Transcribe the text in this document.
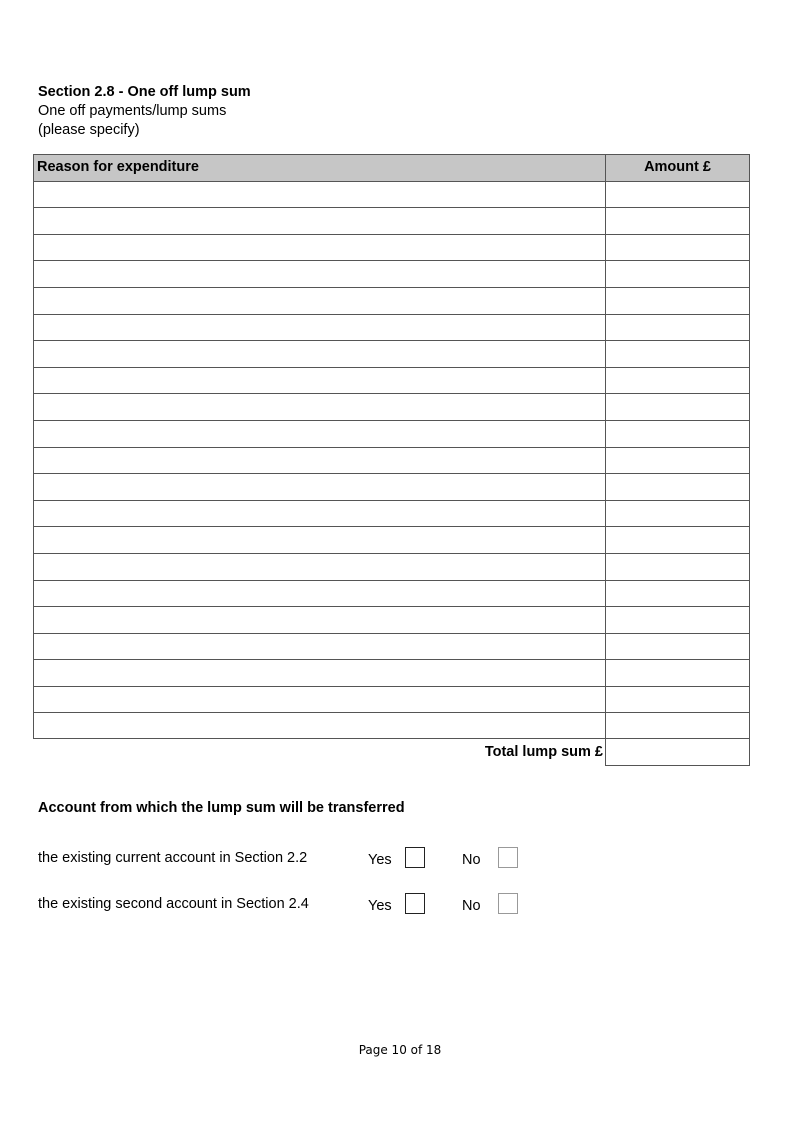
Section 2.8 - One off lump sum
One off payments/lump sums
(please specify)
Reason for expenditure	Amount £
Total lump sum £
Account from which the lump sum will be transferred
the existing current account in Section 2.2	Yes	No
the existing second account in Section 2.4	Yes	No
Page 10 of 18
